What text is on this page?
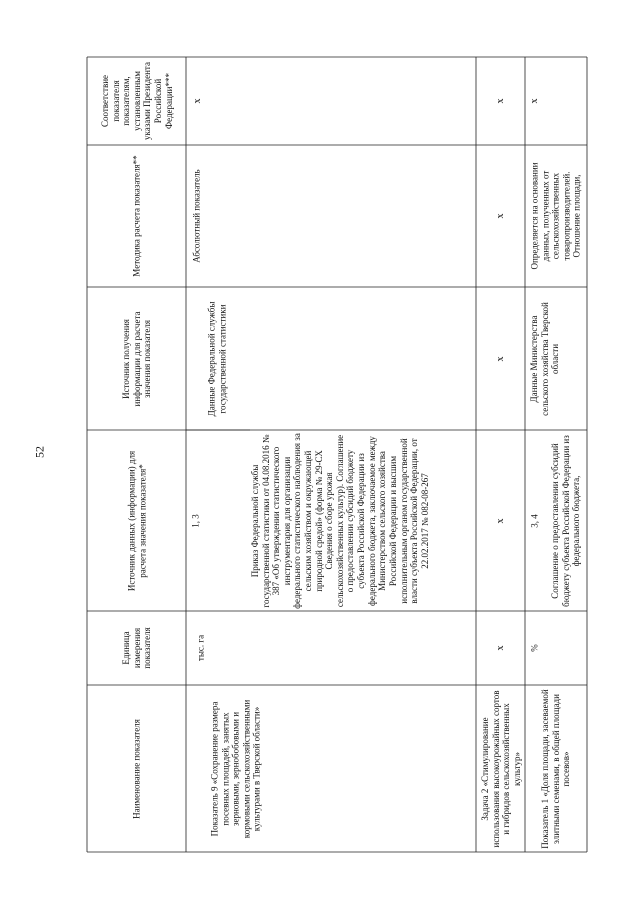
52
Наименование показателя
Единица измерения показателя
Источник данных (информации) для расчета значения показателя*
Источник получения информации для расчета значения показателя
Методика расчета показателя**
Соответствие показателя показателям, установленным указами Президента Российской Федерации***
Показатель 9 «Сохранение размера посевных площадей, занятых зерновыми, зернобобовыми и кормовыми сельскохозяйственными культурами в Тверской области»
тыс. га
1, 3	Приказ Федеральной службы государственной статистики от 04.08.2016 № 387 «Об утверждении статистического инструментария для организации федерального статистического наблюдения за сельским хозяйством и окружающей природной средой» (форма № 29-СХ Сведения о сборе урожая сельскохозяйственных культур). Соглашение о предоставлении субсидий бюджету субъекта Российской Федерации из федерального бюджета, заключаемое между Министерством сельского хозяйства Российской Федерации и высшим исполнительным органом государственной власти субъекта Российской Федерации, от 22.02.2017 № 082-08-267
Данные Федеральной службы государственной статистики
Абсолютный показатель
х
Задача 2 «Стимулирование использования высокоурожайных сортов и гибридов сельскохозяйственных культур»
х
х
х
х
х
Показатель 1 «Доля площади, засеваемой элитными семенами, в общей площади посевов»
%
3, 4 Соглашение о предоставлении субсидий бюджету субъекта Российской Федерации из федерального бюджета,
Данные Министерства сельского хозяйства Тверской области
Определяется на основании данных, полученных от сельскохозяйственных товаропроизводителей. Отношение площади,
х
